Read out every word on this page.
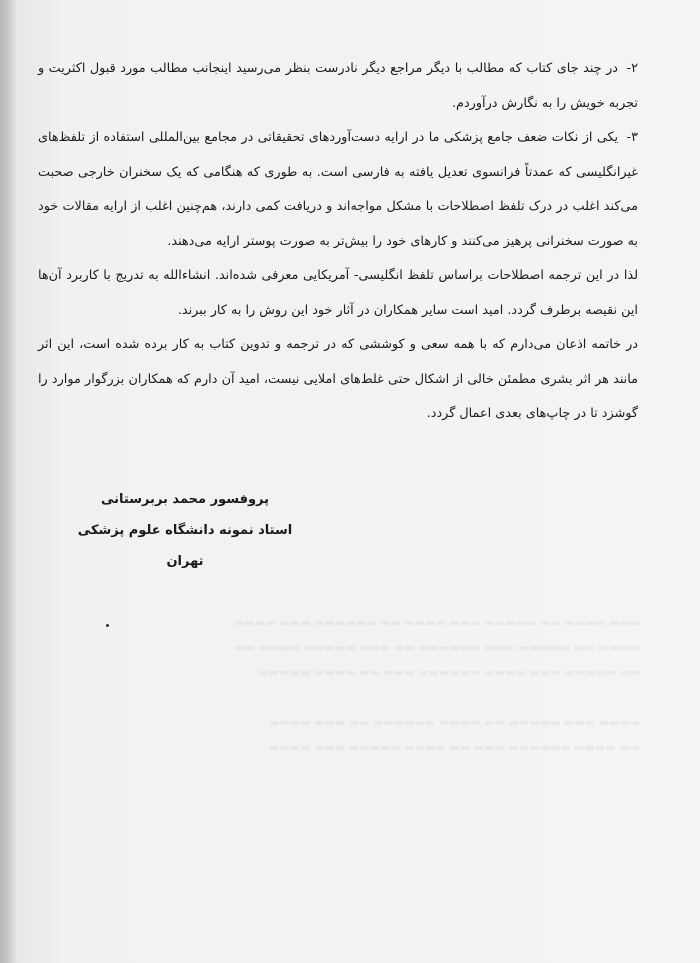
▬▬▬ ▬▬▬▬ ▬▬ ▬▬▬▬▬ ▬▬▬ ▬▬▬▬ ▬▬ ▬▬▬▬▬▬ ▬▬▬ ▬▬▬▬
▬▬▬▬ ▬▬ ▬▬▬▬▬ ▬▬▬ ▬▬▬▬▬▬ ▬▬ ▬▬▬ ▬▬▬▬▬ ▬▬▬▬ ▬▬
▬▬ ▬▬▬▬▬ ▬▬▬ ▬▬▬▬ ▬▬▬▬▬▬ ▬▬▬ ▬▬ ▬▬▬▬ ▬▬▬▬▬

▬▬▬▬ ▬▬▬ ▬▬▬▬▬ ▬▬ ▬▬▬▬ ▬▬▬▬▬▬ ▬▬ ▬▬▬ ▬▬▬▬
▬▬ ▬▬▬▬ ▬▬▬▬▬▬ ▬▬▬ ▬▬ ▬▬▬▬ ▬▬▬▬▬ ▬▬▬ ▬▬▬▬

۲- در چند جای کتاب که مطالب با دیگر مراجع دیگر نادرست بنظر می‌رسید اینجانب مطالب مورد قبول اکثریت و تجربه خویش را به نگارش درآوردم.

۳- یکی از نکات ضعف جامع پزشکی ما در ارایه دست‌آوردهای تحقیقاتی در مجامع بین‌المللی استفاده از تلفظ‌های غیرانگلیسی که عمدتاً فرانسوی تعدیل یافته به فارسی است. به طوری که هنگامی که یک سخنران خارجی صحبت می‌کند اغلب در درک تلفظ اصطلاحات با مشکل مواجه‌اند و دریافت کمی دارند، هم‌چنین اغلب از ارایه مقالات خود به صورت سخنرانی پرهیز می‌کنند و کارهای خود را بیش‌تر به صورت پوستر ارایه می‌دهند.

لذا در این ترجمه اصطلاحات براساس تلفظ انگلیسی- آمریکایی معرفی شده‌اند. انشاءالله به تدریج با کاربرد آن‌ها این نقیصه برطرف گردد. امید است سایر همکاران در آثار خود این روش را به کار ببرند.

در خاتمه اذعان می‌دارم که با همه سعی و کوششی که در ترجمه و تدوین کتاب به کار برده شده است، این اثر مانند هر اثر بشری مطمئن خالی از اشکال حتی غلط‌های املایی نیست، امید آن دارم که همکاران بزرگوار موارد را گوشزد تا در چاپ‌های بعدی اعمال گردد.

پروفسور محمد بربرستانی
استاد نمونه دانشگاه علوم پزشکی تهران
